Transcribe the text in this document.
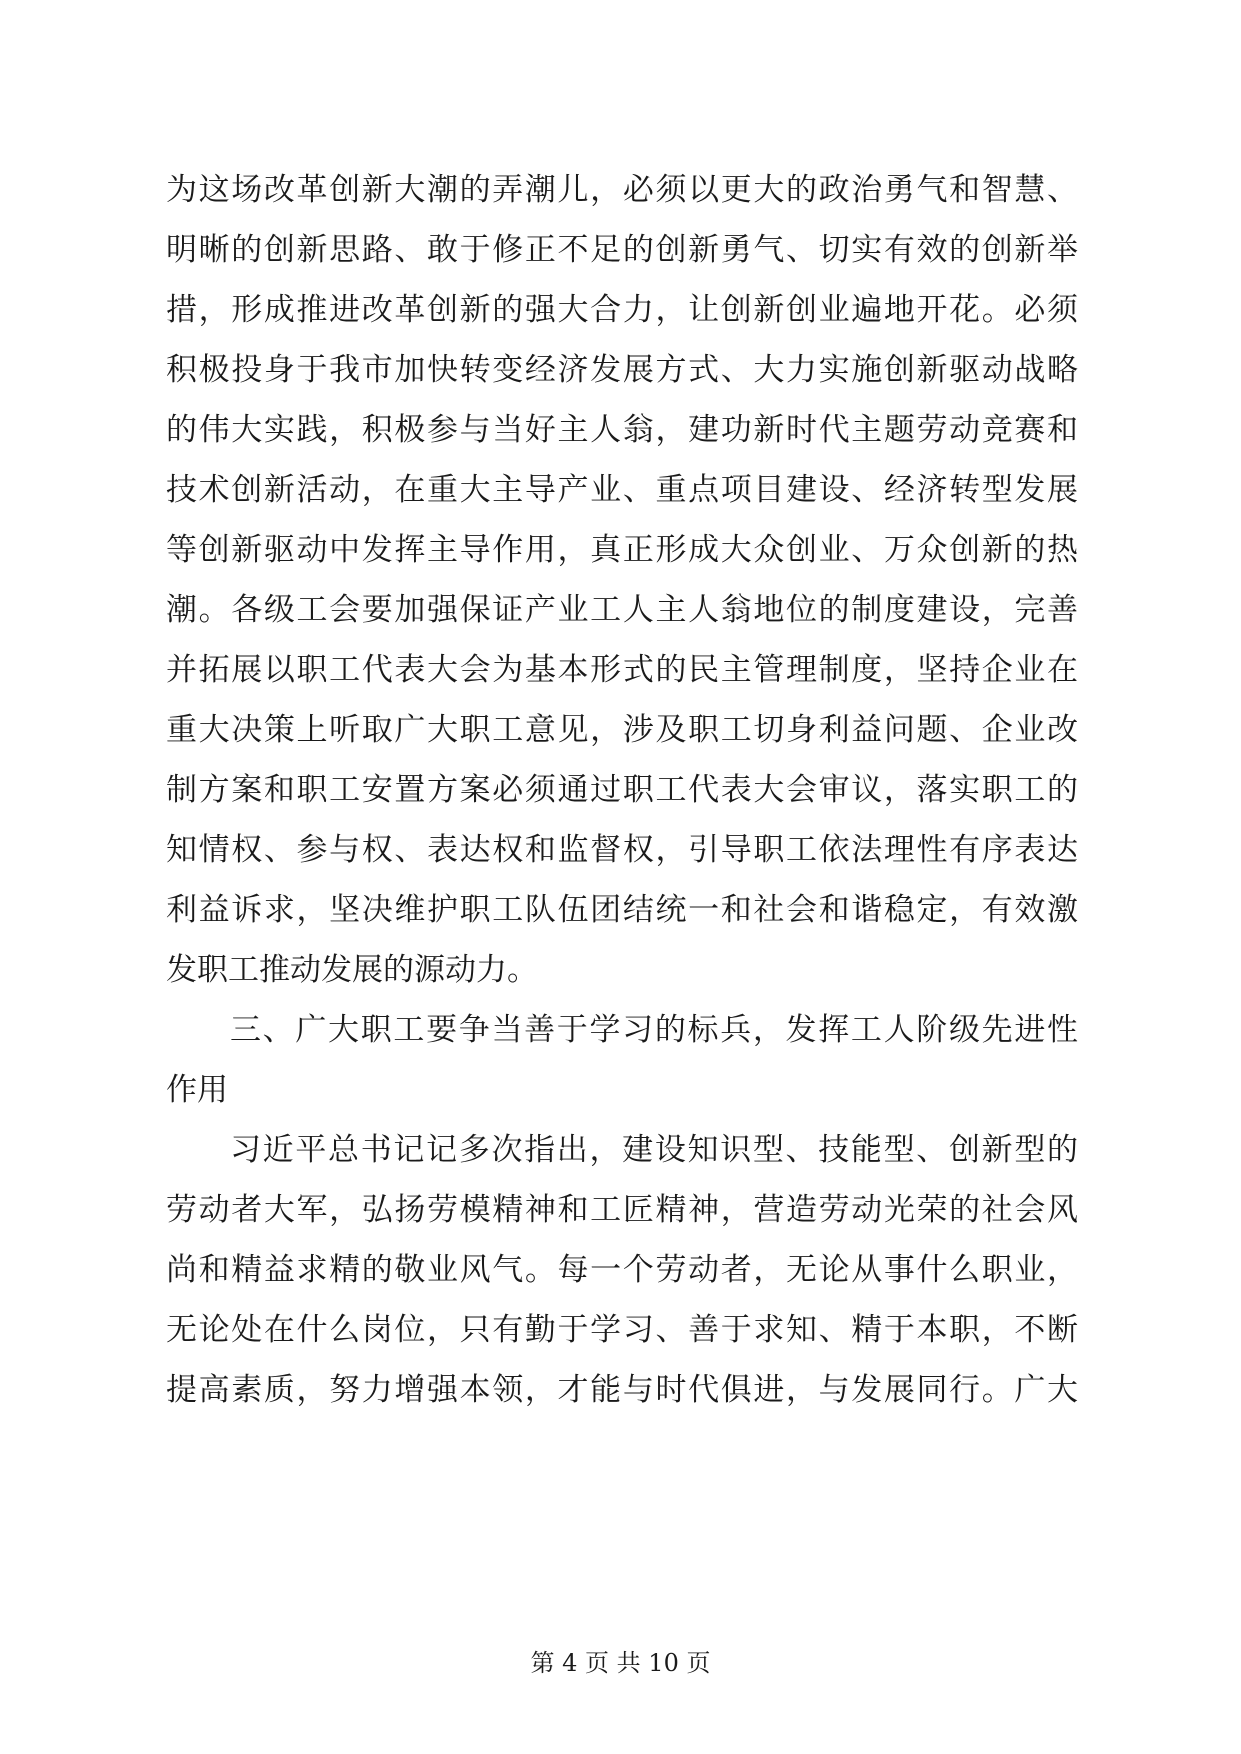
为这场改革创新大潮的弄潮儿，必须以更大的政治勇气和智慧、
明晰的创新思路、敢于修正不足的创新勇气、切实有效的创新举
措，形成推进改革创新的强大合力，让创新创业遍地开花。必须
积极投身于我市加快转变经济发展方式、大力实施创新驱动战略
的伟大实践，积极参与当好主人翁，建功新时代主题劳动竞赛和
技术创新活动，在重大主导产业、重点项目建设、经济转型发展
等创新驱动中发挥主导作用，真正形成大众创业、万众创新的热
潮。各级工会要加强保证产业工人主人翁地位的制度建设，完善
并拓展以职工代表大会为基本形式的民主管理制度，坚持企业在
重大决策上听取广大职工意见，涉及职工切身利益问题、企业改
制方案和职工安置方案必须通过职工代表大会审议，落实职工的
知情权、参与权、表达权和监督权，引导职工依法理性有序表达
利益诉求，坚决维护职工队伍团结统一和社会和谐稳定，有效激
发职工推动发展的源动力。
三、广大职工要争当善于学习的标兵，发挥工人阶级先进性
作用
习近平总书记记多次指出，建设知识型、技能型、创新型的
劳动者大军，弘扬劳模精神和工匠精神，营造劳动光荣的社会风
尚和精益求精的敬业风气。每一个劳动者，无论从事什么职业，
无论处在什么岗位，只有勤于学习、善于求知、精于本职，不断
提高素质，努力增强本领，才能与时代俱进，与发展同行。广大
第 4 页 共 10 页
